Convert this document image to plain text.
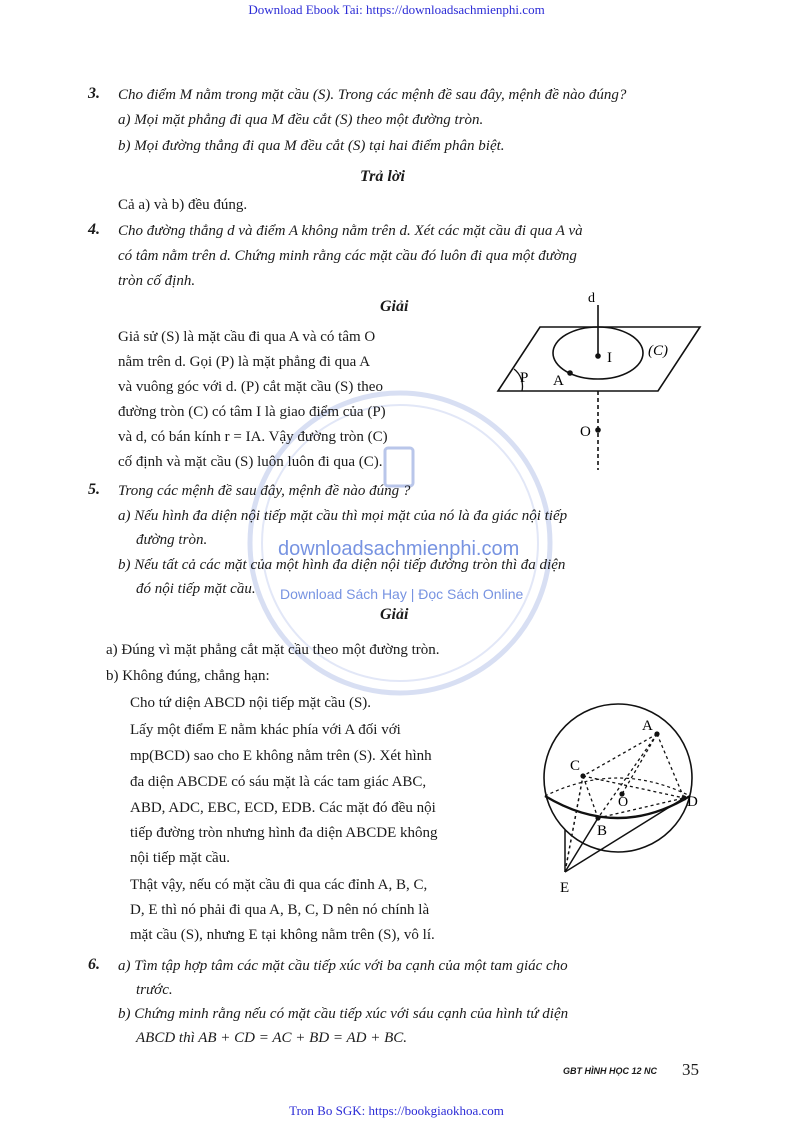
Download Ebook Tai: https://downloadsachmienphi.com
downloadsachmienphi.com
Download Sách Hay | Đọc Sách Online
3. Cho điểm M nằm trong mặt cầu (S). Trong các mệnh đề sau đây, mệnh đề nào đúng?
a) Mọi mặt phẳng đi qua M đều cắt (S) theo một đường tròn.
b) Mọi đường thẳng đi qua M đều cắt (S) tại hai điểm phân biệt.
Trả lời
Cả a) và b) đều đúng.
4. Cho đường thẳng d và điểm A không nằm trên d. Xét các mặt cầu đi qua A và
có tâm nằm trên d. Chứng minh rằng các mặt cầu đó luôn đi qua một đường
tròn cố định.
Giải
Giả sử (S) là mặt cầu đi qua A và có tâm O
nằm trên d. Gọi (P) là mặt phẳng đi qua A
và vuông góc với d. (P) cắt mặt cầu (S) theo
đường tròn (C) có tâm I là giao điểm của (P)
và d, có bán kính r = IA. Vậy đường tròn (C)
cố định và mặt cầu (S) luôn luôn đi qua (C).
d
I (C)
P A
O
5. Trong các mệnh đề sau đây, mệnh đề nào đúng ?
a) Nếu hình đa diện nội tiếp mặt cầu thì mọi mặt của nó là đa giác nội tiếp
đường tròn.
b) Nếu tất cả các mặt của một hình đa diện nội tiếp đường tròn thì đa diện
đó nội tiếp mặt cầu.
Giải
a) Đúng vì mặt phẳng cắt mặt cầu theo một đường tròn.
b) Không đúng, chẳng hạn:
Cho tứ diện ABCD nội tiếp mặt cầu (S).
Lấy một điểm E nằm khác phía với A đối với
mp(BCD) sao cho E không nằm trên (S). Xét hình
đa diện ABCDE có sáu mặt là các tam giác ABC,
ABD, ADC, EBC, ECD, EDB. Các mặt đó đều nội
tiếp đường tròn nhưng hình đa diện ABCDE không
nội tiếp mặt cầu.
Thật vậy, nếu có mặt cầu đi qua các đỉnh A, B, C,
D, E thì nó phải đi qua A, B, C, D nên nó chính là
mặt cầu (S), nhưng E tại không nằm trên (S), vô lí.
A
C
O	D
B
E
6. a) Tìm tập hợp tâm các mặt cầu tiếp xúc với ba cạnh của một tam giác cho
trước.
b) Chứng minh rằng nếu có mặt cầu tiếp xúc với sáu cạnh của hình tứ diện
ABCD thì AB + CD = AC + BD = AD + BC.
GBT HÌNH HỌC 12 NC 35
Tron Bo SGK: https://bookgiaokhoa.com
